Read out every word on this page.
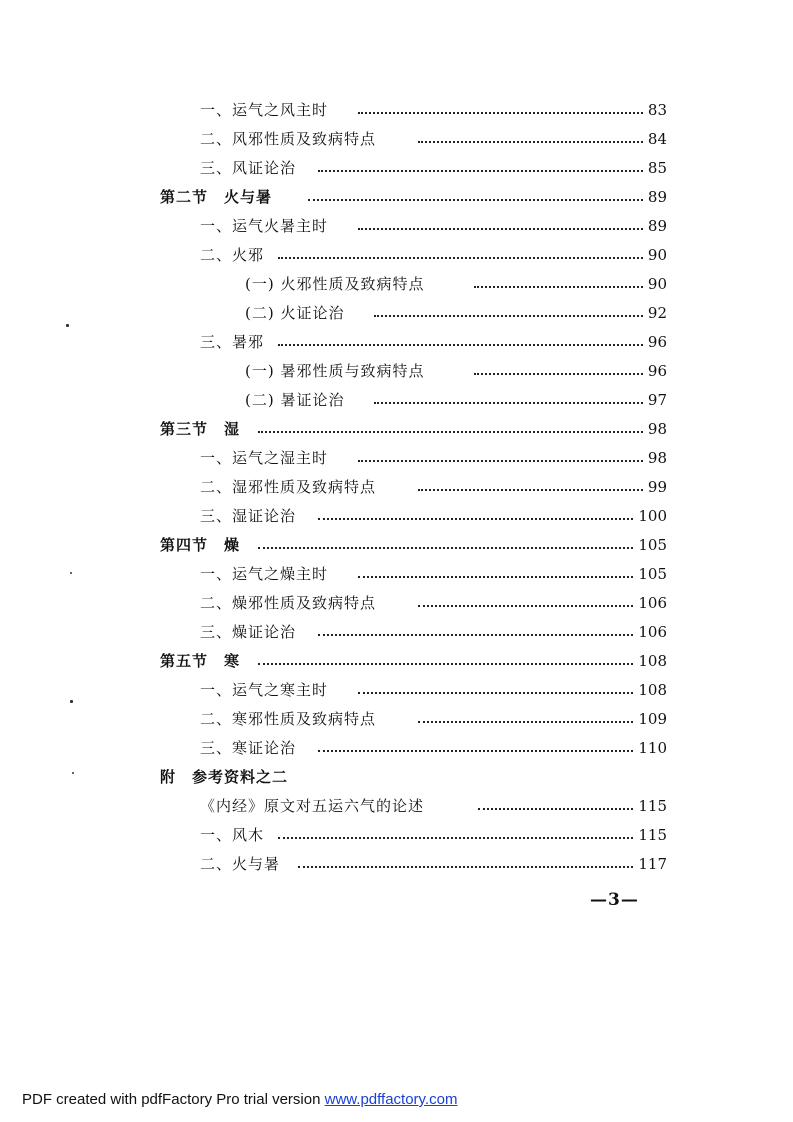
一、运气之风主时	83
二、风邪性质及致病特点	84
三、风证论治	85
第二节　火与暑	89
一、运气火暑主时	89
二、火邪	90
(一) 火邪性质及致病特点	90
(二) 火证论治	92
三、暑邪	96
(一) 暑邪性质与致病特点	96
(二) 暑证论治	97
第三节　湿	98
一、运气之湿主时	98
二、湿邪性质及致病特点	99
三、湿证论治	100
第四节　燥	105
一、运气之燥主时	105
二、燥邪性质及致病特点	106
三、燥证论治	106
第五节　寒	108
一、运气之寒主时	108
二、寒邪性质及致病特点	109
三、寒证论治	110
附　参考资料之二
《内经》原文对五运六气的论述	115
一、风木	115
二、火与暑	117
—3—
PDF created with pdfFactory Pro trial version www.pdffactory.com
